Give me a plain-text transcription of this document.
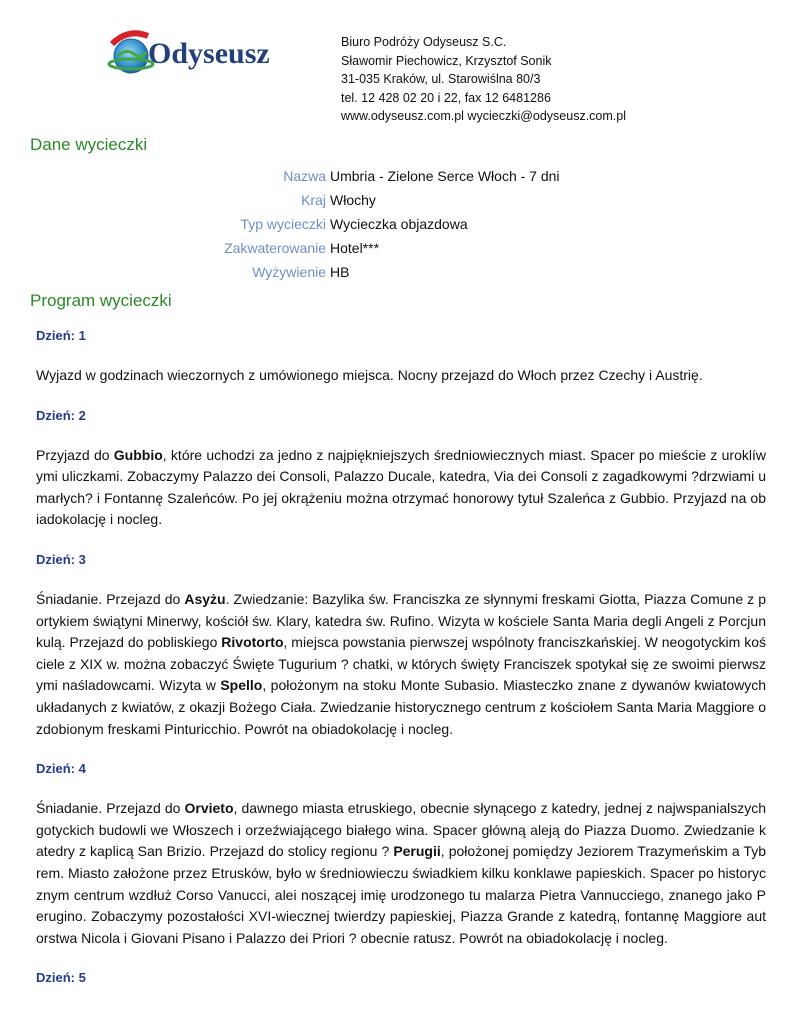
Odyseusz	Biuro Podróży Odyseusz S.C.
Sławomir Piechowicz, Krzysztof Sonik
31-035 Kraków, ul. Starowiślna 80/3
tel. 12 428 02 20 i 22, fax 12 6481286
www.odyseusz.com.pl wycieczki@odyseusz.com.pl
Dane wycieczki
Nazwa Umbria - Zielone Serce Włoch - 7 dni
Kraj Włochy
Typ wycieczki Wycieczka objazdowa
Zakwaterowanie Hotel***
Wyżywienie HB
Program wycieczki
Dzień: 1

Wyjazd w godzinach wieczornych z umówionego miejsca. Nocny przejazd do Włoch przez Czechy i Austrię.

Dzień: 2

Przyjazd do Gubbio, które uchodzi za jedno z najpiękniejszych średniowiecznych miast. Spacer po mieście z uroklíwymi uliczkami. Zobaczymy Palazzo dei Consoli, Palazzo Ducale, katedra, Via dei Consoli z zagadkowymi ?drzwiami umarłych? i Fontannę Szaleńców. Po jej okrążeniu można otrzymać honorowy tytuł Szaleńca z Gubbio. Przyjazd na obiadokolację i nocleg.

Dzień: 3

Śniadanie. Przejazd do Asyżu. Zwiedzanie: Bazylika św. Franciszka ze słynnymi freskami Giotta, Piazza Comune z portykiem świątyni Minerwy, kościół św. Klary, katedra św. Rufino. Wizyta w kościele Santa Maria degli Angeli z Porcjunkulą. Przejazd do pobliskiego Rivotorto, miejsca powstania pierwszej wspólnoty franciszkańskiej. W neogotyckim kościele z XIX w. można zobaczyć Święte Tugurium ? chatki, w których święty Franciszek spotykał się ze swoimi pierwszymi naśladowcami. Wizyta w Spello, położonym na stoku Monte Subasio. Miasteczko znane z dywanów kwiatowych układanych z kwiatów, z okazji Bożego Ciała. Zwiedzanie historycznego centrum z kościołem Santa Maria Maggiore ozdobionym freskami Pinturicchio. Powrót na obiadokolację i nocleg.

Dzień: 4

Śniadanie. Przejazd do Orvieto, dawnego miasta etruskiego, obecnie słynącego z katedry, jednej z najwspanialszych gotyckich budowli we Włoszech i orzeźwiającego białego wina. Spacer główną aleją do Piazza Duomo. Zwiedzanie katedry z kaplicą San Brizio. Przejazd do stolicy regionu ? Perugii, położonej pomiędzy Jeziorem Trazymeńskim a Tybrem. Miasto założone przez Etrusków, było w średniowieczu świadkiem kilku konklawe papieskich. Spacer po historycznym centrum wzdłuż Corso Vanucci, alei noszącej imię urodzonego tu malarza Pietra Vannucciego, znanego jako Perugino. Zobaczymy pozostałości XVI-wiecznej twierdzy papieskiej, Piazza Grande z katedrą, fontannę Maggiore autorstwa Nicola i Giovani Pisano i Palazzo dei Priori ? obecnie ratusz. Powrót na obiadokolację i nocleg.

Dzień: 5
